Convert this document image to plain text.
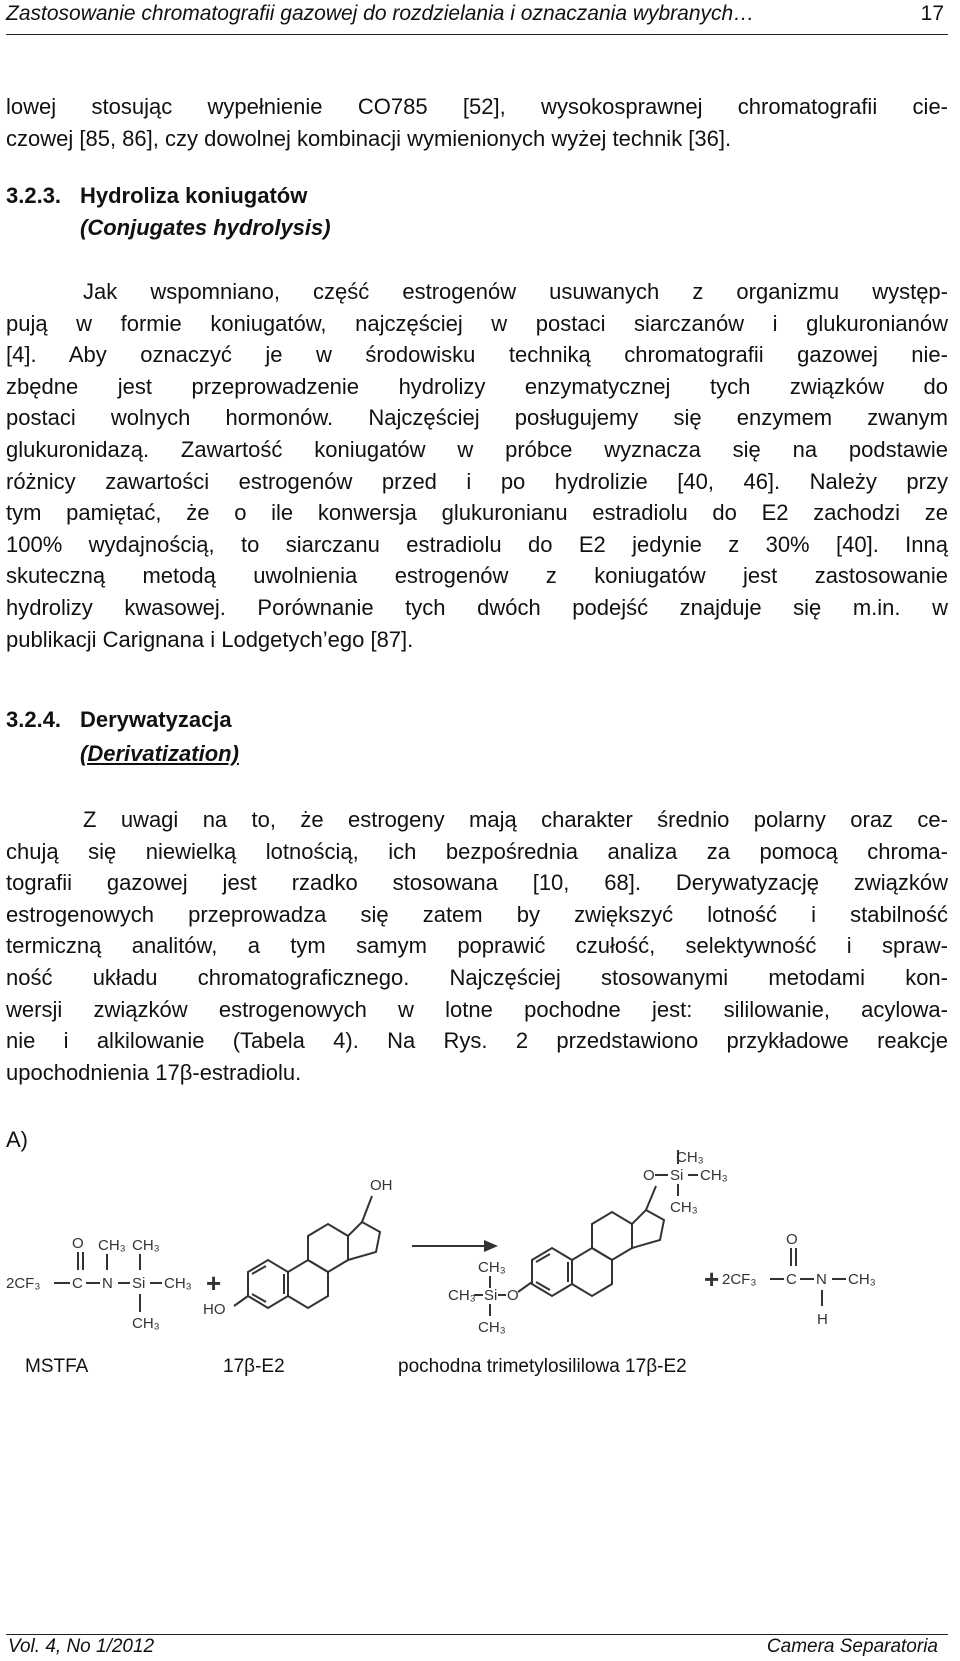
Zastosowanie chromatografii gazowej do rozdzielania i oznaczania wybranych…	17
lowej stosując wypełnienie CO785 [52], wysokosprawnej chromatografii cie-
czowej [85, 86], czy dowolnej kombinacji wymienionych wyżej technik [36].
3.2.3. Hydroliza koniugatów
(Conjugates hydrolysis)
Jak wspomniano, część estrogenów usuwanych z organizmu występ-
pują w formie koniugatów, najczęściej w postaci siarczanów i glukuronianów
[4]. Aby oznaczyć je w środowisku techniką chromatografii gazowej nie-
zbędne jest przeprowadzenie hydrolizy enzymatycznej tych związków do
postaci wolnych hormonów. Najczęściej posługujemy się enzymem zwanym
glukuronidazą. Zawartość koniugatów w próbce wyznacza się na podstawie
różnicy zawartości estrogenów przed i po hydrolizie [40, 46]. Należy przy
tym pamiętać, że o ile konwersja glukuronianu estradiolu do E2 zachodzi ze
100% wydajnością, to siarczanu estradiolu do E2 jedynie z 30% [40]. Inną
skuteczną metodą uwolnienia estrogenów z koniugatów jest zastosowanie
hydrolizy kwasowej. Porównanie tych dwóch podejść znajduje się m.in. w
publikacji Carignana i Lodgetych’ego [87].
3.2.4. Derywatyzacja
(Derivatization)
Z uwagi na to, że estrogeny mają charakter średnio polarny oraz ce-
chują się niewielką lotnością, ich bezpośrednia analiza za pomocą chroma-
tografii gazowej jest rzadko stosowana [10, 68]. Derywatyzację związków
estrogenowych przeprowadza się zatem by zwiększyć lotność i stabilność
termiczną analitów, a tym samym poprawić czułość, selektywność i spraw-
ność układu chromatograficznego. Najczęściej stosowanymi metodami kon-
wersji związków estrogenowych w lotne pochodne jest: sililowanie, acylowa-
nie i alkilowanie (Tabela 4). Na Rys. 2 przedstawiono przykładowe reakcje
upochodnienia 17β-estradiolu.
A)
2CF₃ C
O
N
CH₃
Si
CH₃
CH₃
CH₃
+
OH
HO
CH₃
CH₃ Si
CH₃
O
O Si
CH₃
CH₃
CH₃
+ 2CF₃ C
O
N CH₃
H
MSTFA	17β-E2	pochodna trimetylosililowa 17β-E2
Vol. 4, No 1/2012	Camera Separatoria
